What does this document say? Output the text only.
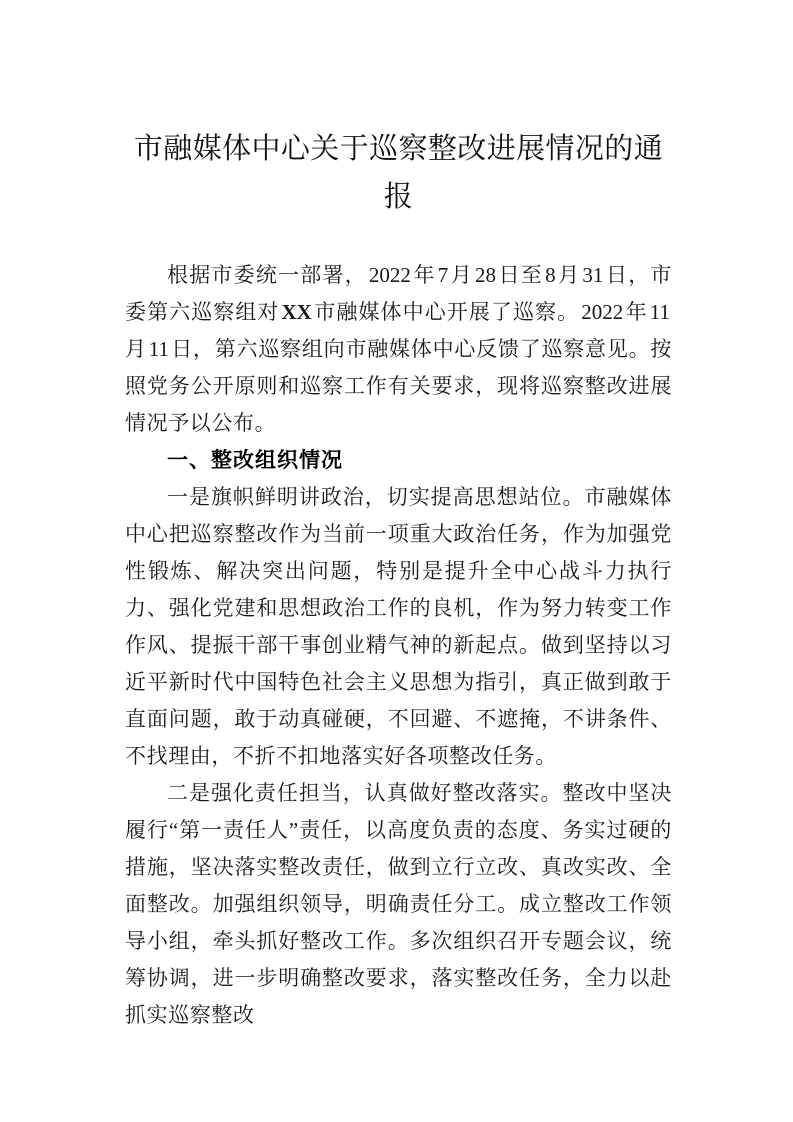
市融媒体中心关于巡察整改进展情况的通
报

根据市委统一部署，2022年7月28日至8月31日，市委第六巡察组对XX市融媒体中心开展了巡察。2022年11月11日，第六巡察组向市融媒体中心反馈了巡察意见。按照党务公开原则和巡察工作有关要求，现将巡察整改进展情况予以公布。

一、整改组织情况

一是旗帜鲜明讲政治，切实提高思想站位。市融媒体中心把巡察整改作为当前一项重大政治任务，作为加强党性锻炼、解决突出问题，特别是提升全中心战斗力执行力、强化党建和思想政治工作的良机，作为努力转变工作作风、提振干部干事创业精气神的新起点。做到坚持以习近平新时代中国特色社会主义思想为指引，真正做到敢于直面问题，敢于动真碰硬，不回避、不遮掩，不讲条件、不找理由，不折不扣地落实好各项整改任务。

二是强化责任担当，认真做好整改落实。整改中坚决履行“第一责任人”责任，以高度负责的态度、务实过硬的措施，坚决落实整改责任，做到立行立改、真改实改、全面整改。加强组织领导，明确责任分工。成立整改工作领导小组，牵头抓好整改工作。多次组织召开专题会议，统筹协调，进一步明确整改要求，落实整改任务，全力以赴抓实巡察整改
